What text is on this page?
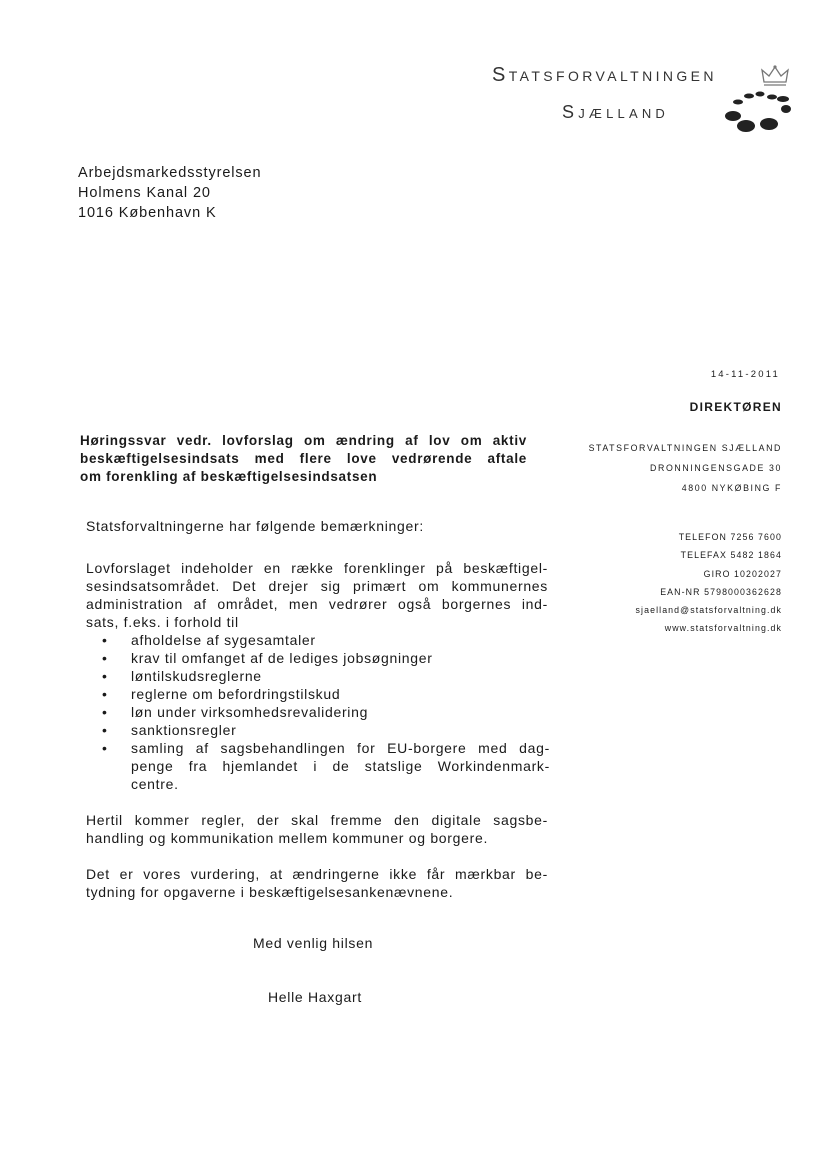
Statsforvaltningen
Sjælland
Arbejdsmarkedsstyrelsen
Holmens Kanal 20
1016 København K
14-11-2011
DIREKTØREN
STATSFORVALTNINGEN SJÆLLAND
DRONNINGENSGADE 30
4800 NYKØBING F
TELEFON 7256 7600
TELEFAX 5482 1864
GIRO 10202027
EAN-NR 5798000362628
sjaelland@statsforvaltning.dk
www.statsforvaltning.dk
Høringssvar vedr. lovforslag om ændring af lov om aktiv
beskæftigelsesindsats med flere love vedrørende aftale
om forenkling af beskæftigelsesindsatsen
Statsforvaltningerne har følgende bemærkninger:
Lovforslaget indeholder en række forenklinger på beskæftigel-
sesindsatsområdet. Det drejer sig primært om kommunernes
administration af området, men vedrører også borgernes ind-
sats, f.eks. i forhold til
• afholdelse af sygesamtaler
• krav til omfanget af de lediges jobsøgninger
• løntilskudsreglerne
• reglerne om befordringstilskud
• løn under virksomhedsrevalidering
• sanktionsregler
• samling af sagsbehandlingen for EU-borgere med dag-
penge fra hjemlandet i de statslige Workindenmark-
centre.
Hertil kommer regler, der skal fremme den digitale sagsbe-
handling og kommunikation mellem kommuner og borgere.
Det er vores vurdering, at ændringerne ikke får mærkbar be-
tydning for opgaverne i beskæftigelsesankenævnene.
Med venlig hilsen
Helle Haxgart
